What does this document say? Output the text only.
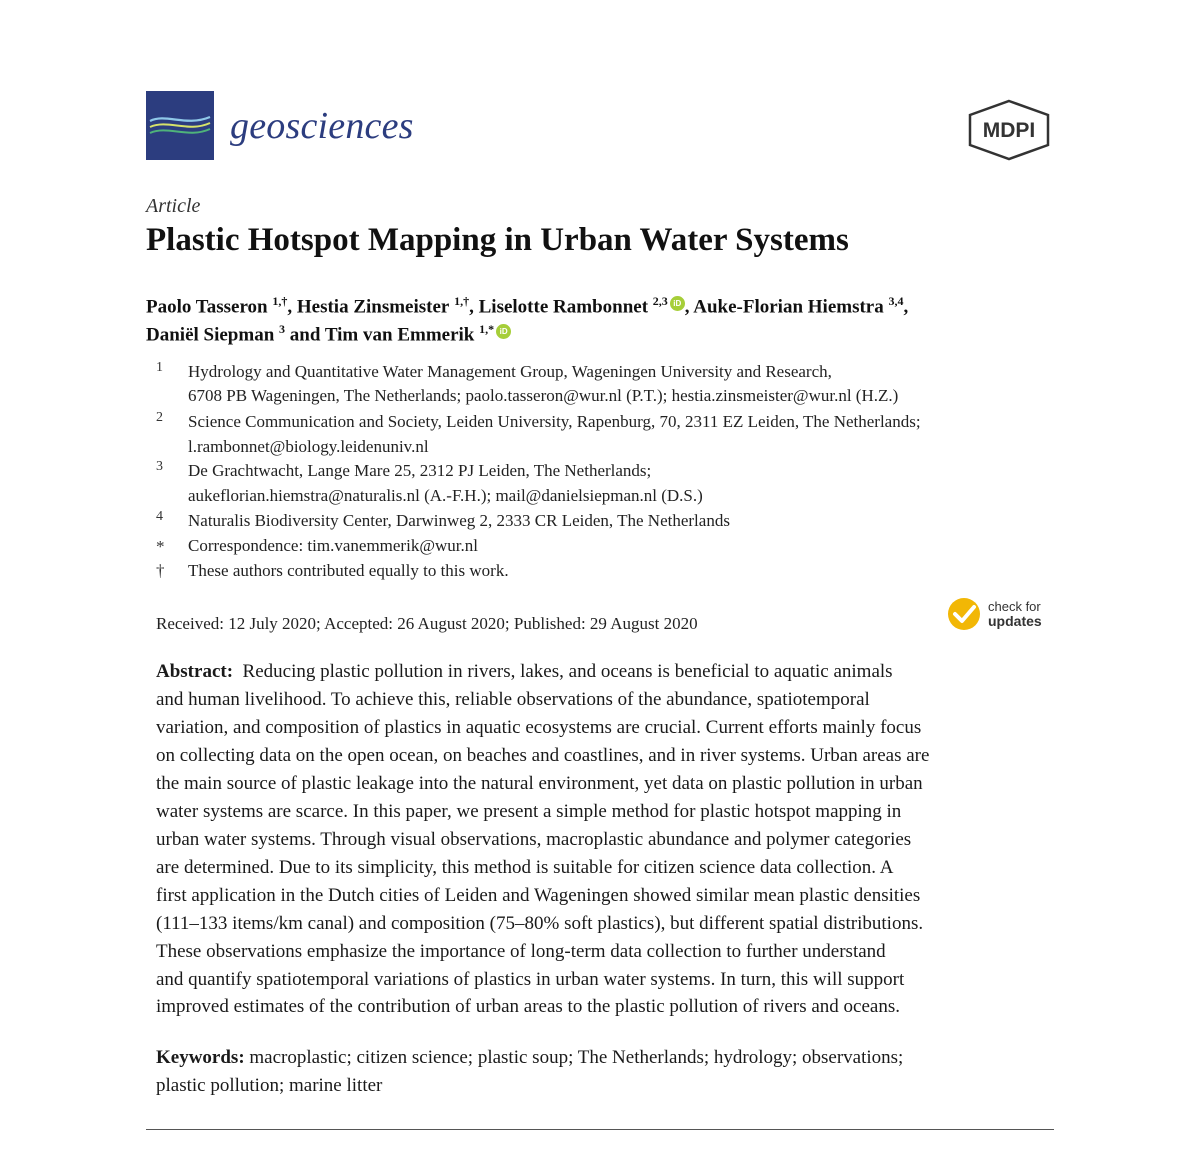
geosciences	MDPI
Article
Plastic Hotspot Mapping in Urban Water Systems
Paolo Tasseron $^{1,\dagger}$, Hestia Zinsmeister $^{1,\dagger}$, Liselotte Rambonnet $^{2,3}$ iD , Auke-Florian Hiemstra $^{3,4}$,
Daniël Siepman $^3$ and Tim van Emmerik $^{1,*}$ iD
1 Hydrology and Quantitative Water Management Group, Wageningen University and Research,
6708 PB Wageningen, The Netherlands; paolo.tasseron@wur.nl (P.T.); hestia.zinsmeister@wur.nl (H.Z.)
2 Science Communication and Society, Leiden University, Rapenburg, 70, 2311 EZ Leiden, The Netherlands;
l.rambonnet@biology.leidenuniv.nl
3 De Grachtwacht, Lange Mare 25, 2312 PJ Leiden, The Netherlands;
aukeflorian.hiemstra@naturalis.nl (A.-F.H.); mail@danielsiepman.nl (D.S.)
4 Naturalis Biodiversity Center, Darwinweg 2, 2333 CR Leiden, The Netherlands
* Correspondence: tim.vanemmerik@wur.nl
† These authors contributed equally to this work.
Received: 12 July 2020; Accepted: 26 August 2020; Published: 29 August 2020
check for
updates
Abstract: Reducing plastic pollution in rivers, lakes, and oceans is beneficial to aquatic animals
and human livelihood. To achieve this, reliable observations of the abundance, spatiotemporal
variation, and composition of plastics in aquatic ecosystems are crucial. Current efforts mainly focus
on collecting data on the open ocean, on beaches and coastlines, and in river systems. Urban areas are
the main source of plastic leakage into the natural environment, yet data on plastic pollution in urban
water systems are scarce. In this paper, we present a simple method for plastic hotspot mapping in
urban water systems. Through visual observations, macroplastic abundance and polymer categories
are determined. Due to its simplicity, this method is suitable for citizen science data collection. A
first application in the Dutch cities of Leiden and Wageningen showed similar mean plastic densities
(111–133 items/km canal) and composition (75–80% soft plastics), but different spatial distributions.
These observations emphasize the importance of long-term data collection to further understand
and quantify spatiotemporal variations of plastics in urban water systems. In turn, this will support
improved estimates of the contribution of urban areas to the plastic pollution of rivers and oceans.
Keywords: macroplastic; citizen science; plastic soup; The Netherlands; hydrology; observations;
plastic pollution; marine litter
